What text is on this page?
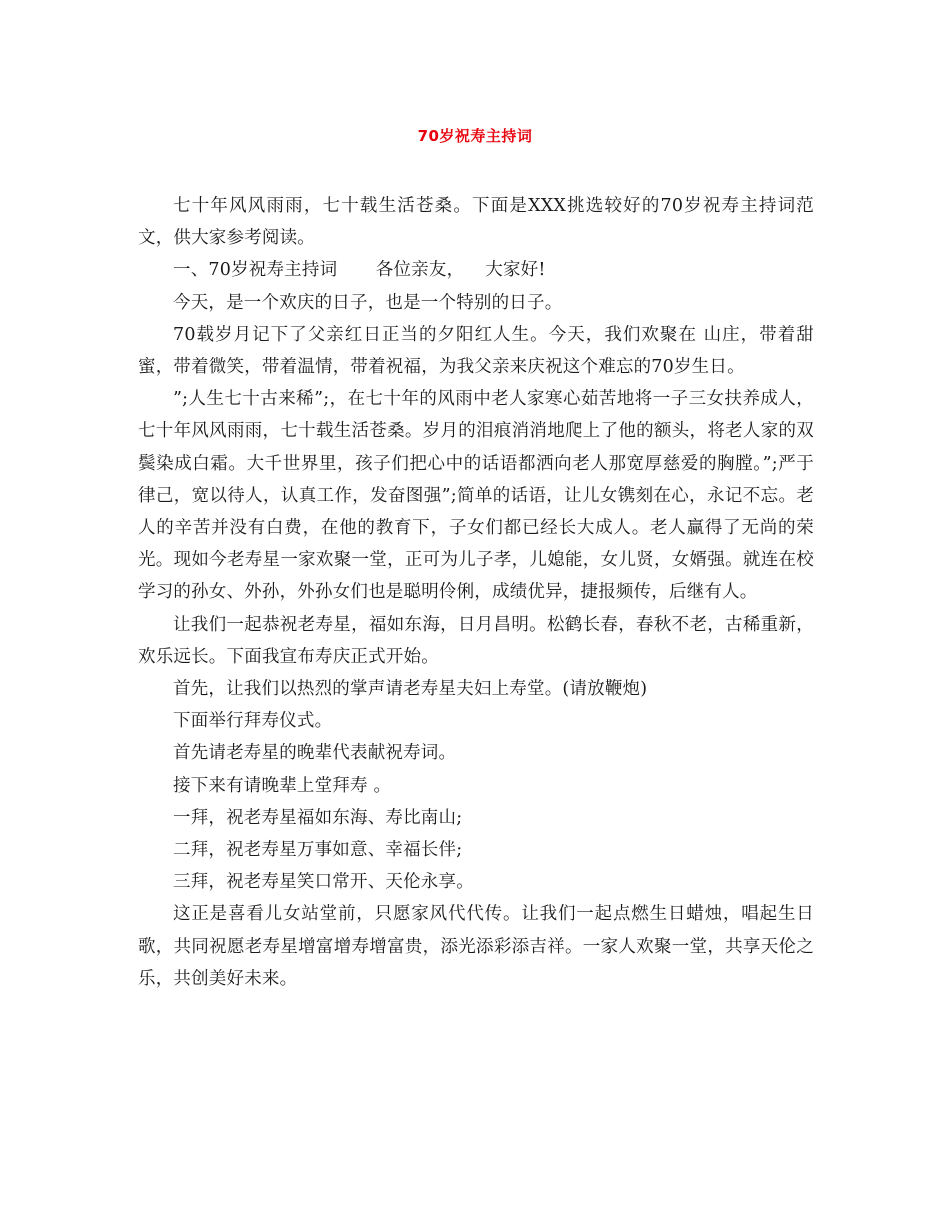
70岁祝寿主持词

七十年风风雨雨，七十载生活苍桑。下面是XXX挑选较好的70岁祝寿主持词范文，供大家参考阅读。

一、70岁祝寿主持词 各位亲友， 大家好!

今天，是一个欢庆的日子，也是一个特别的日子。

70载岁月记下了父亲红日正当的夕阳红人生。今天，我们欢聚在 山庄，带着甜蜜，带着微笑，带着温情，带着祝福，为我父亲来庆祝这个难忘的70岁生日。

”;人生七十古来稀”;，在七十年的风雨中老人家寒心茹苦地将一子三女扶养成人，七十年风风雨雨，七十载生活苍桑。岁月的泪痕消消地爬上了他的额头，将老人家的双鬓染成白霜。大千世界里，孩子们把心中的话语都洒向老人那宽厚慈爱的胸膛。”;严于律己，宽以待人，认真工作，发奋图强”;简单的话语，让儿女镌刻在心，永记不忘。老人的辛苦并没有白费，在他的教育下，子女们都已经长大成人。老人赢得了无尚的荣光。现如今老寿星一家欢聚一堂，正可为儿子孝，儿媳能，女儿贤，女婿强。就连在校学习的孙女、外孙，外孙女们也是聪明伶俐，成绩优异，捷报频传，后继有人。

让我们一起恭祝老寿星，福如东海，日月昌明。松鹤长春，春秋不老，古稀重新，欢乐远长。下面我宣布寿庆正式开始。

首先，让我们以热烈的掌声请老寿星夫妇上寿堂。(请放鞭炮)

下面举行拜寿仪式。

首先请老寿星的晚辈代表献祝寿词。

接下来有请晚辈上堂拜寿 。

一拜，祝老寿星福如东海、寿比南山;

二拜，祝老寿星万事如意、幸福长伴;

三拜，祝老寿星笑口常开、天伦永享。

这正是喜看儿女站堂前，只愿家风代代传。让我们一起点燃生日蜡烛，唱起生日歌，共同祝愿老寿星增富增寿增富贵，添光添彩添吉祥。一家人欢聚一堂，共享天伦之乐，共创美好未来。
